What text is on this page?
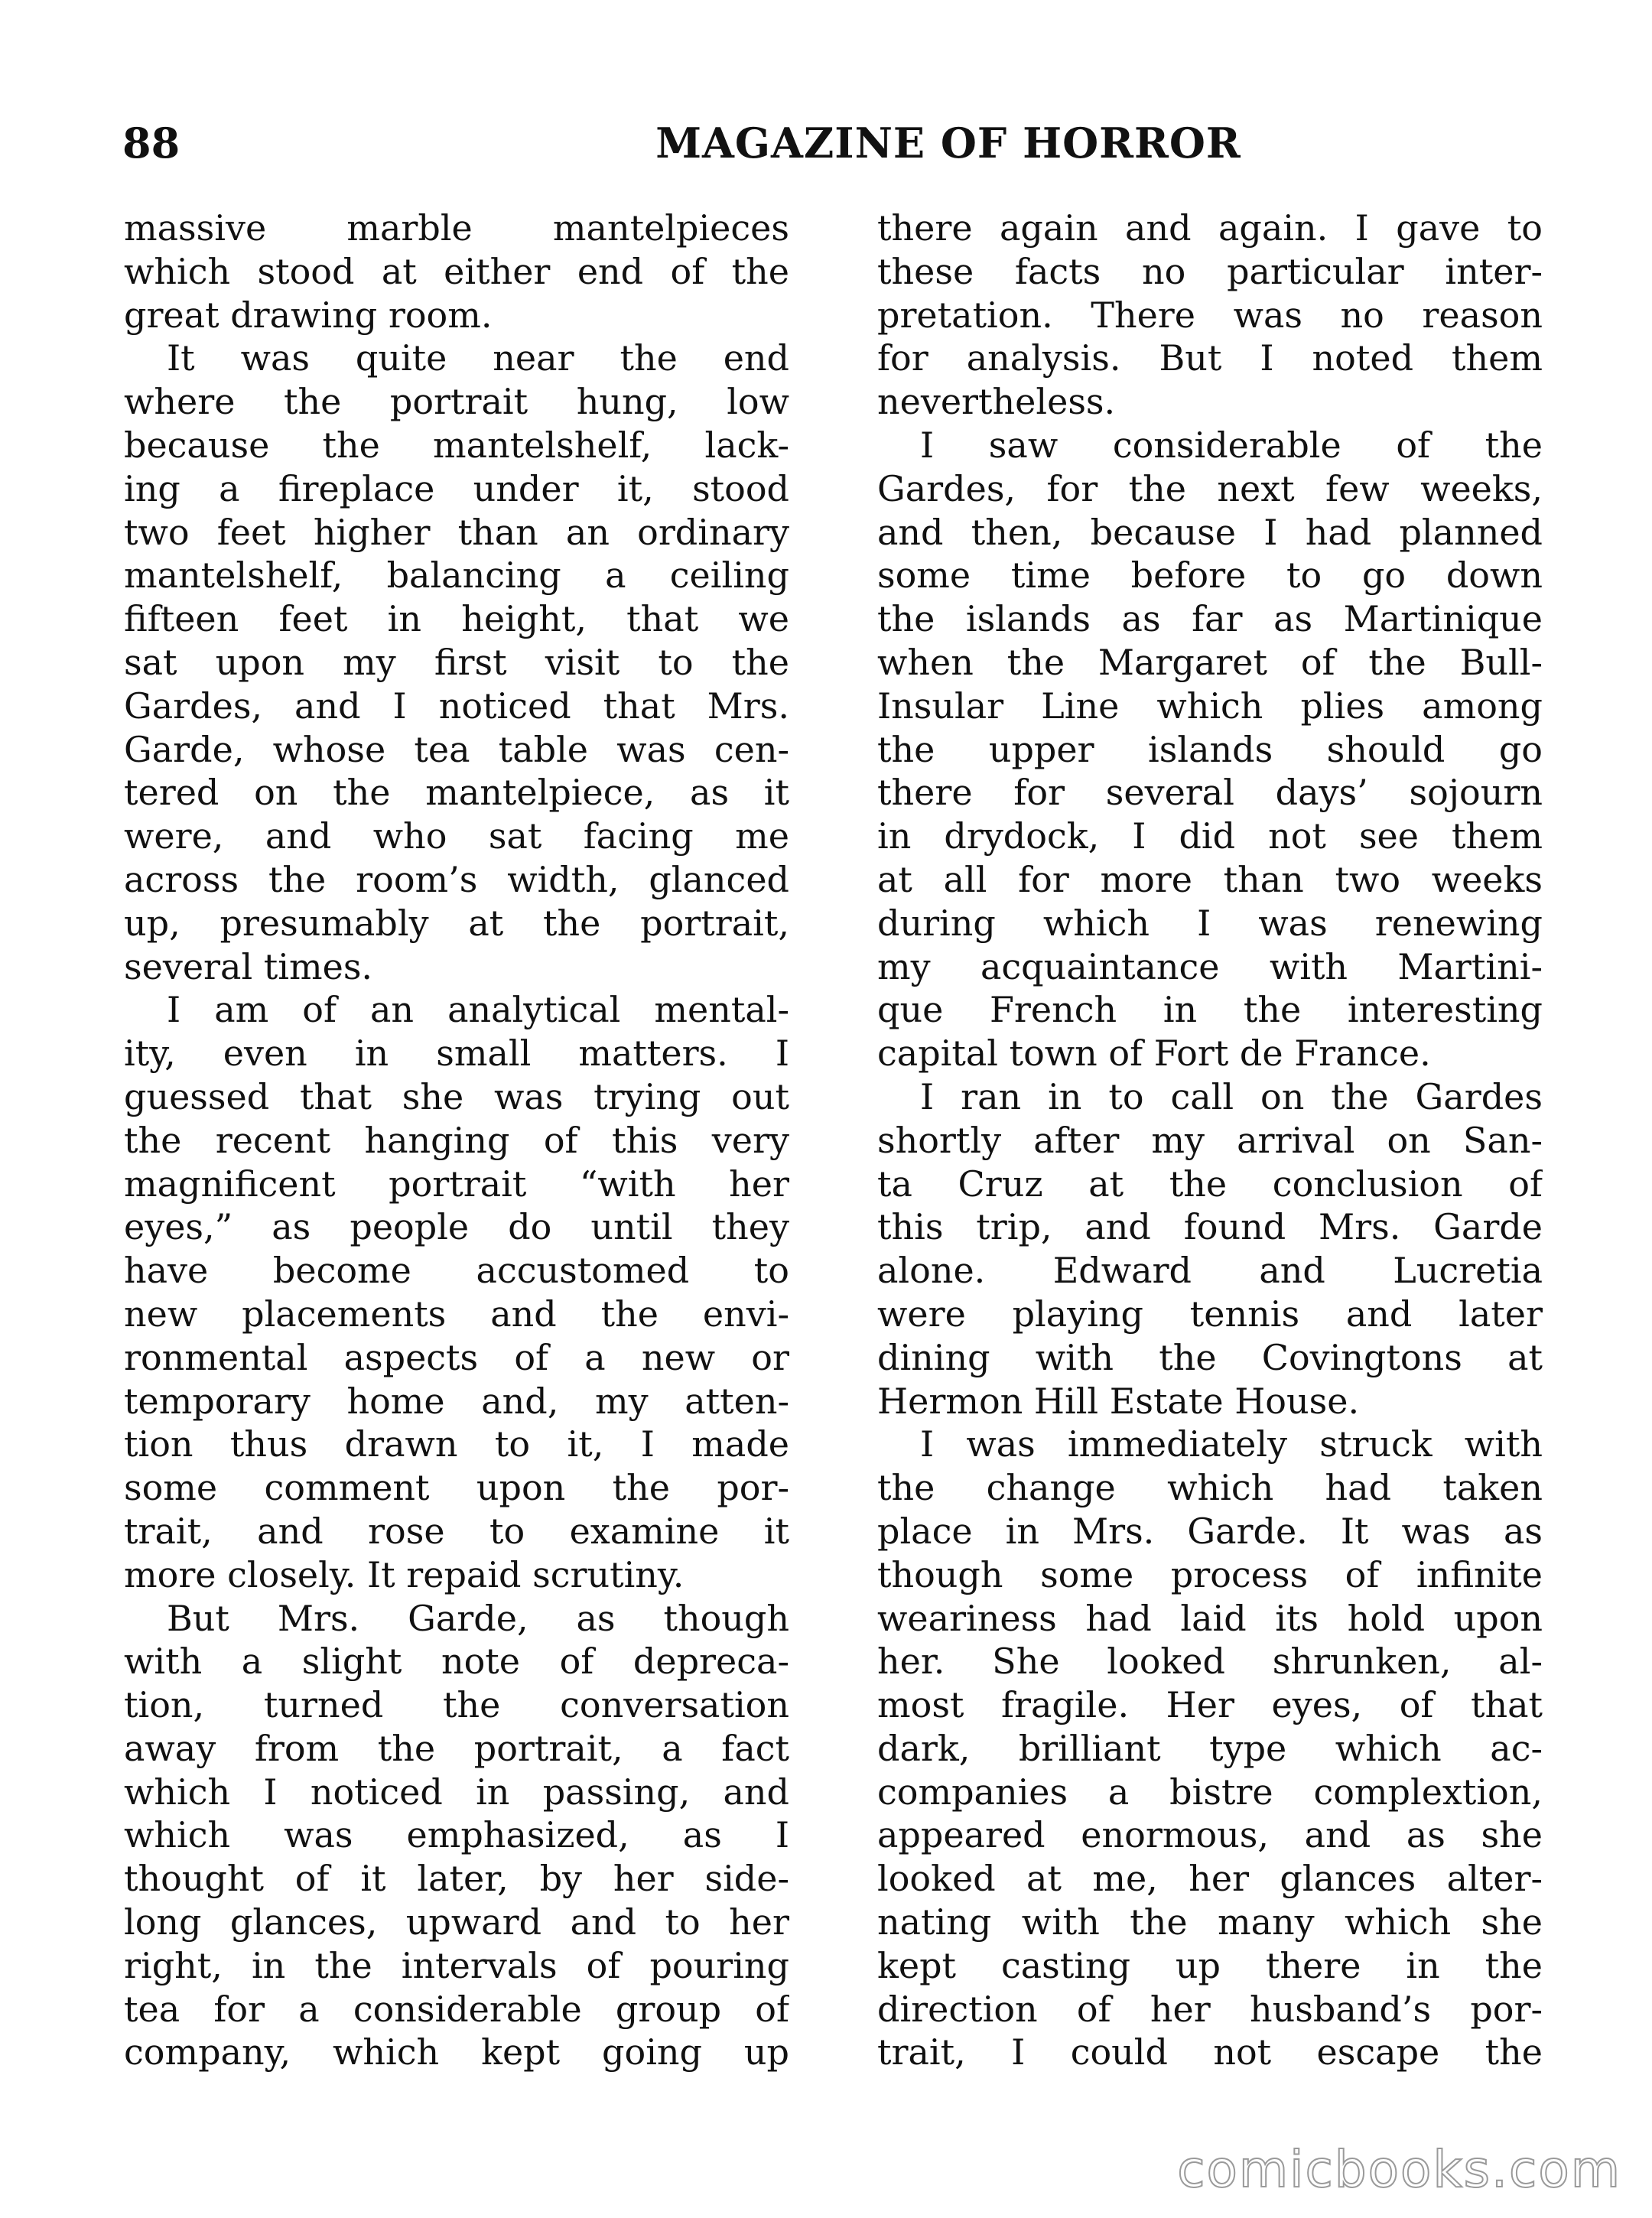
88	MAGAZINE OF HORROR
massive marble mantelpieces
which stood at either end of the
great drawing room.
It was quite near the end
where the portrait hung, low
because the mantelshelf, lack-
ing a fireplace under it, stood
two feet higher than an ordinary
mantelshelf, balancing a ceiling
fifteen feet in height, that we
sat upon my first visit to the
Gardes, and I noticed that Mrs.
Garde, whose tea table was cen-
tered on the mantelpiece, as it
were, and who sat facing me
across the room’s width, glanced
up, presumably at the portrait,
several times.
I am of an analytical mental-
ity, even in small matters. I
guessed that she was trying out
the recent hanging of this very
magnificent portrait “with her
eyes,” as people do until they
have become accustomed to
new placements and the envi-
ronmental aspects of a new or
temporary home and, my atten-
tion thus drawn to it, I made
some comment upon the por-
trait, and rose to examine it
more closely. It repaid scrutiny.
But Mrs. Garde, as though
with a slight note of depreca-
tion, turned the conversation
away from the portrait, a fact
which I noticed in passing, and
which was emphasized, as I
thought of it later, by her side-
long glances, upward and to her
right, in the intervals of pouring
tea for a considerable group of
company, which kept going up
there again and again. I gave to
these facts no particular inter-
pretation. There was no reason
for analysis. But I noted them
nevertheless.
I saw considerable of the
Gardes, for the next few weeks,
and then, because I had planned
some time before to go down
the islands as far as Martinique
when the Margaret of the Bull-
Insular Line which plies among
the upper islands should go
there for several days’ sojourn
in drydock, I did not see them
at all for more than two weeks
during which I was renewing
my acquaintance with Martini-
que French in the interesting
capital town of Fort de France.
I ran in to call on the Gardes
shortly after my arrival on San-
ta Cruz at the conclusion of
this trip, and found Mrs. Garde
alone. Edward and Lucretia
were playing tennis and later
dining with the Covingtons at
Hermon Hill Estate House.
I was immediately struck with
the change which had taken
place in Mrs. Garde. It was as
though some process of infinite
weariness had laid its hold upon
her. She looked shrunken, al-
most fragile. Her eyes, of that
dark, brilliant type which ac-
companies a bistre complextion,
appeared enormous, and as she
looked at me, her glances alter-
nating with the many which she
kept casting up there in the
direction of her husband’s por-
trait, I could not escape the
comicbooks.com
